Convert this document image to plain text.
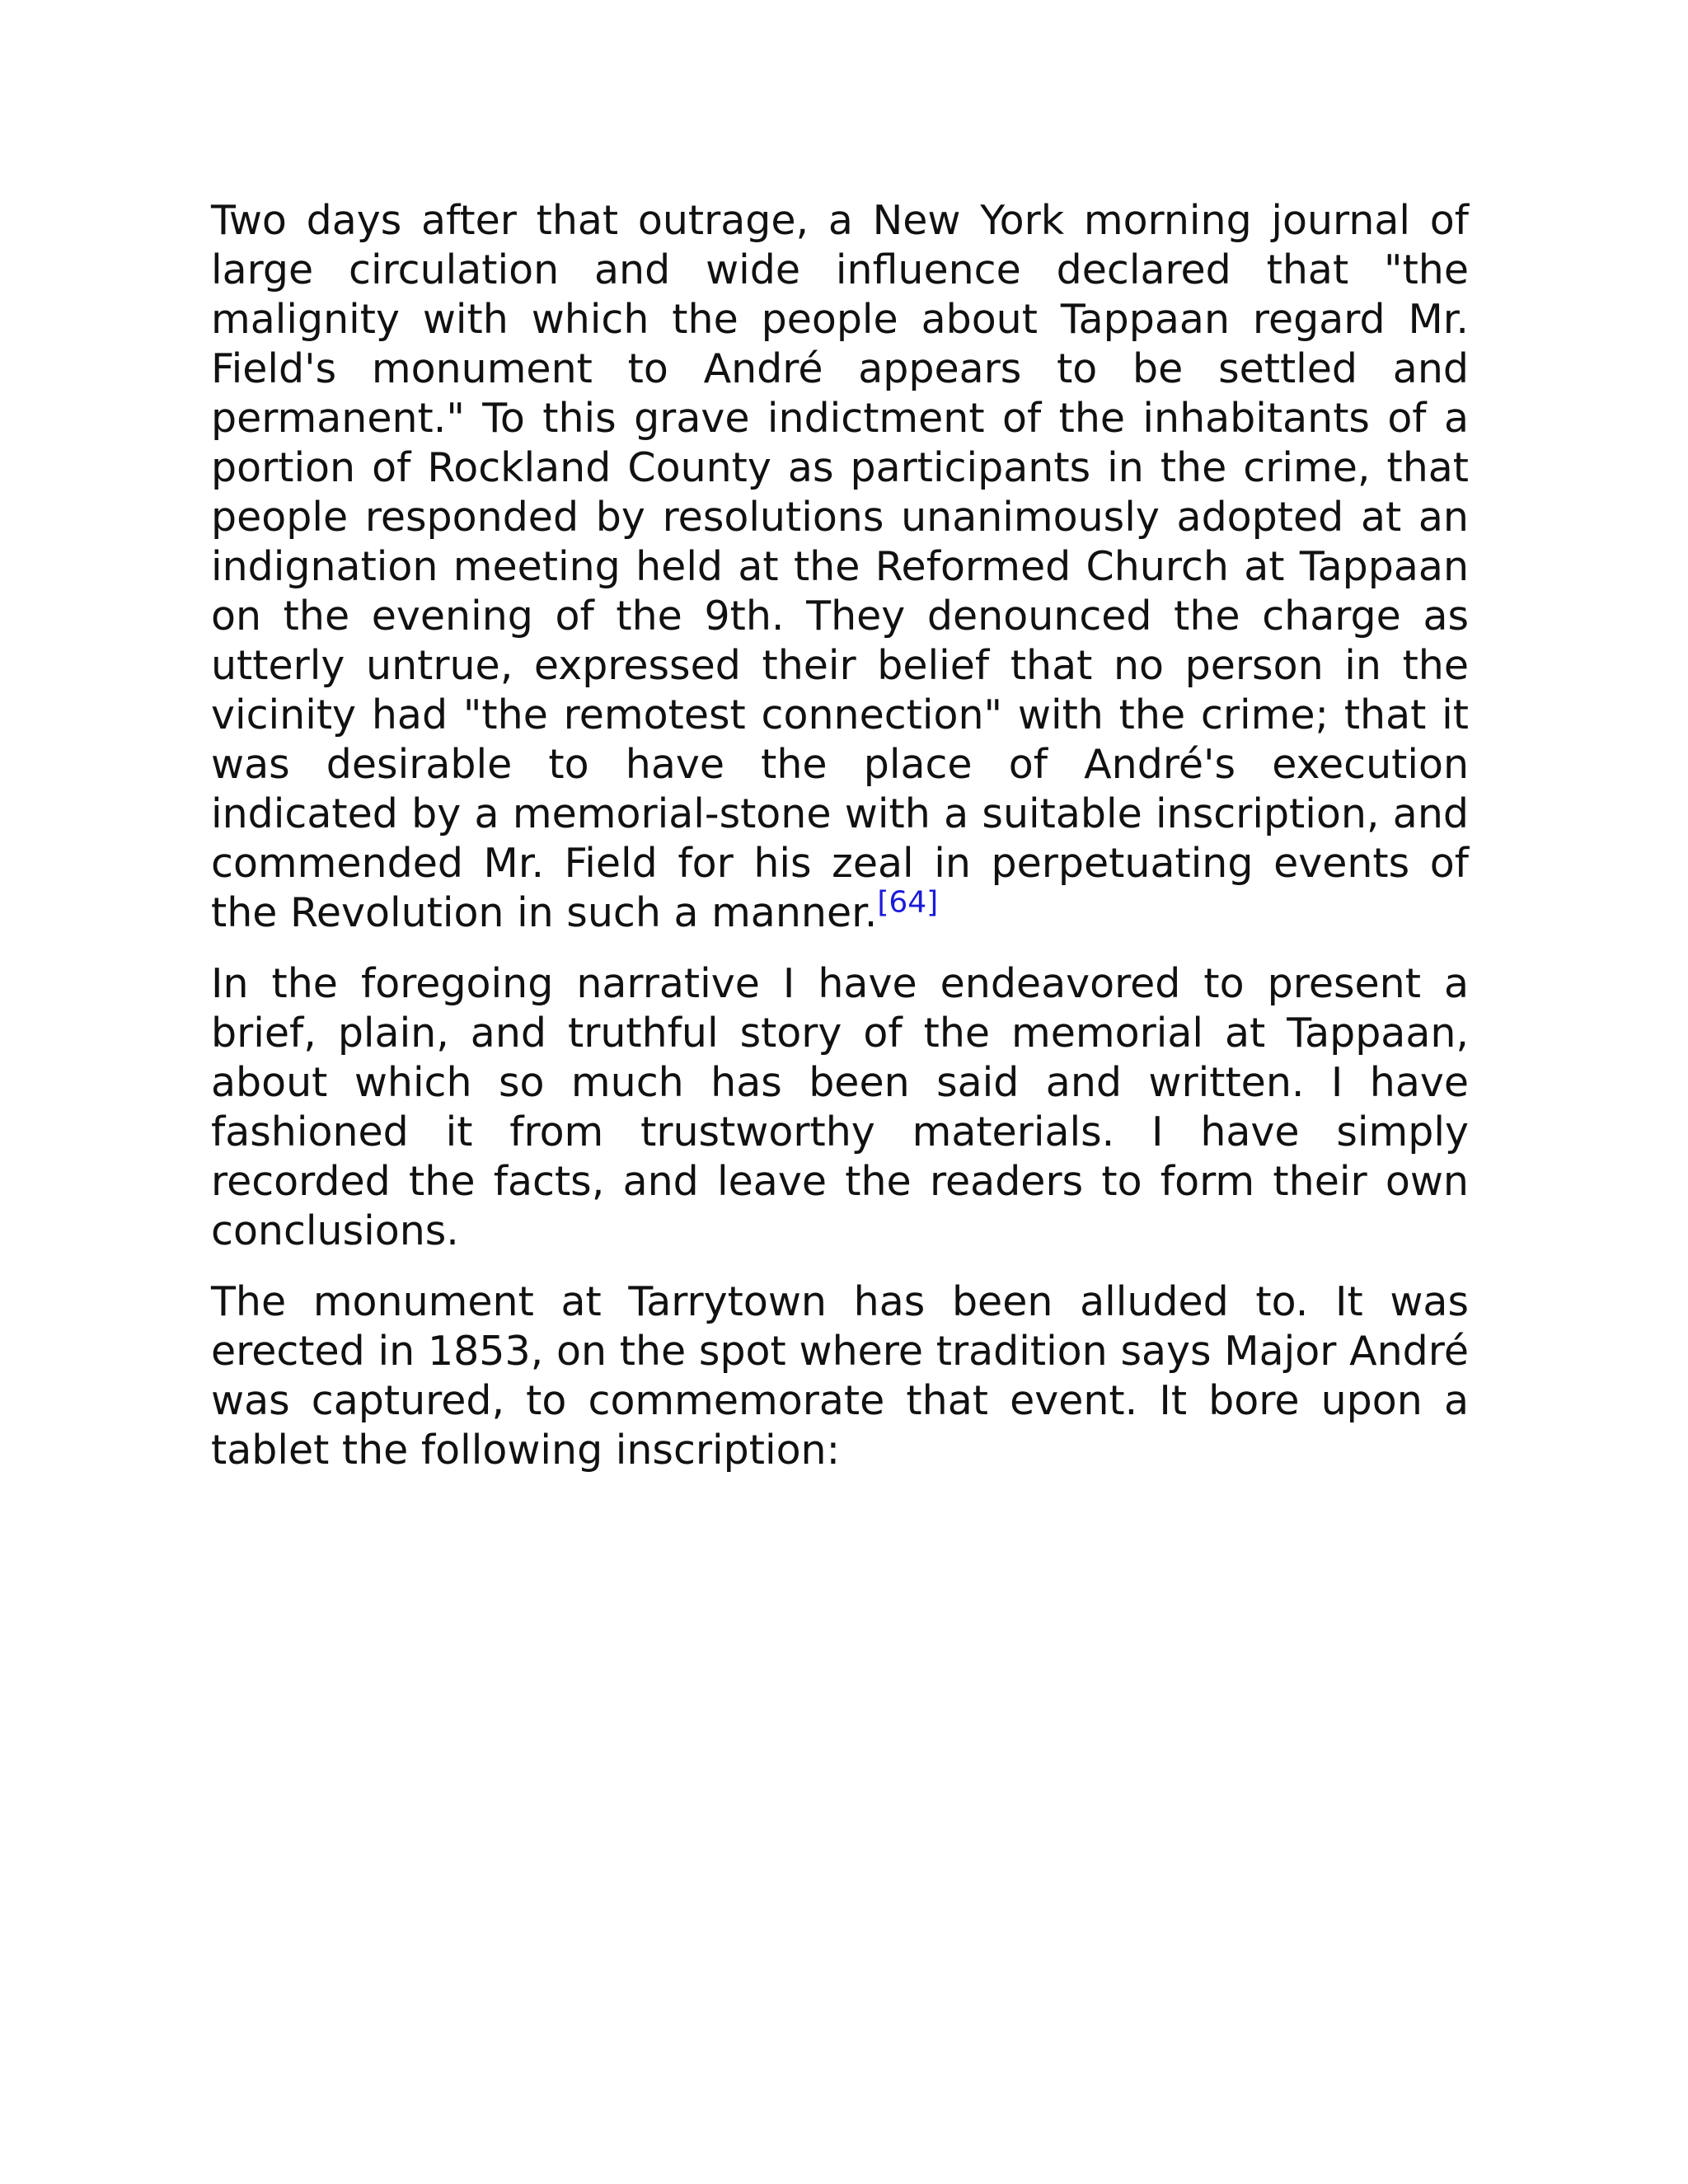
Two days after that outrage, a New York morning journal of large circulation and wide influence declared that "the malignity with which the people about Tappaan regard Mr. Field's monument to André appears to be settled and permanent." To this grave indictment of the inhabitants of a portion of Rockland County as participants in the crime, that people responded by resolutions unanimously adopted at an indignation meeting held at the Reformed Church at Tappaan on the evening of the 9th. They denounced the charge as utterly untrue, expressed their belief that no person in the vicinity had "the remotest connection" with the crime; that it was desirable to have the place of André's execution indicated by a memorial-stone with a suitable inscription, and commended Mr. Field for his zeal in perpetuating events of the Revolution in such a manner.[64]

In the foregoing narrative I have endeavored to present a brief, plain, and truthful story of the memorial at Tappaan, about which so much has been said and written. I have fashioned it from trustworthy materials. I have simply recorded the facts, and leave the readers to form their own conclusions.

The monument at Tarrytown has been alluded to. It was erected in 1853, on the spot where tradition says Major André was captured, to commemorate that event. It bore upon a tablet the following inscription:
